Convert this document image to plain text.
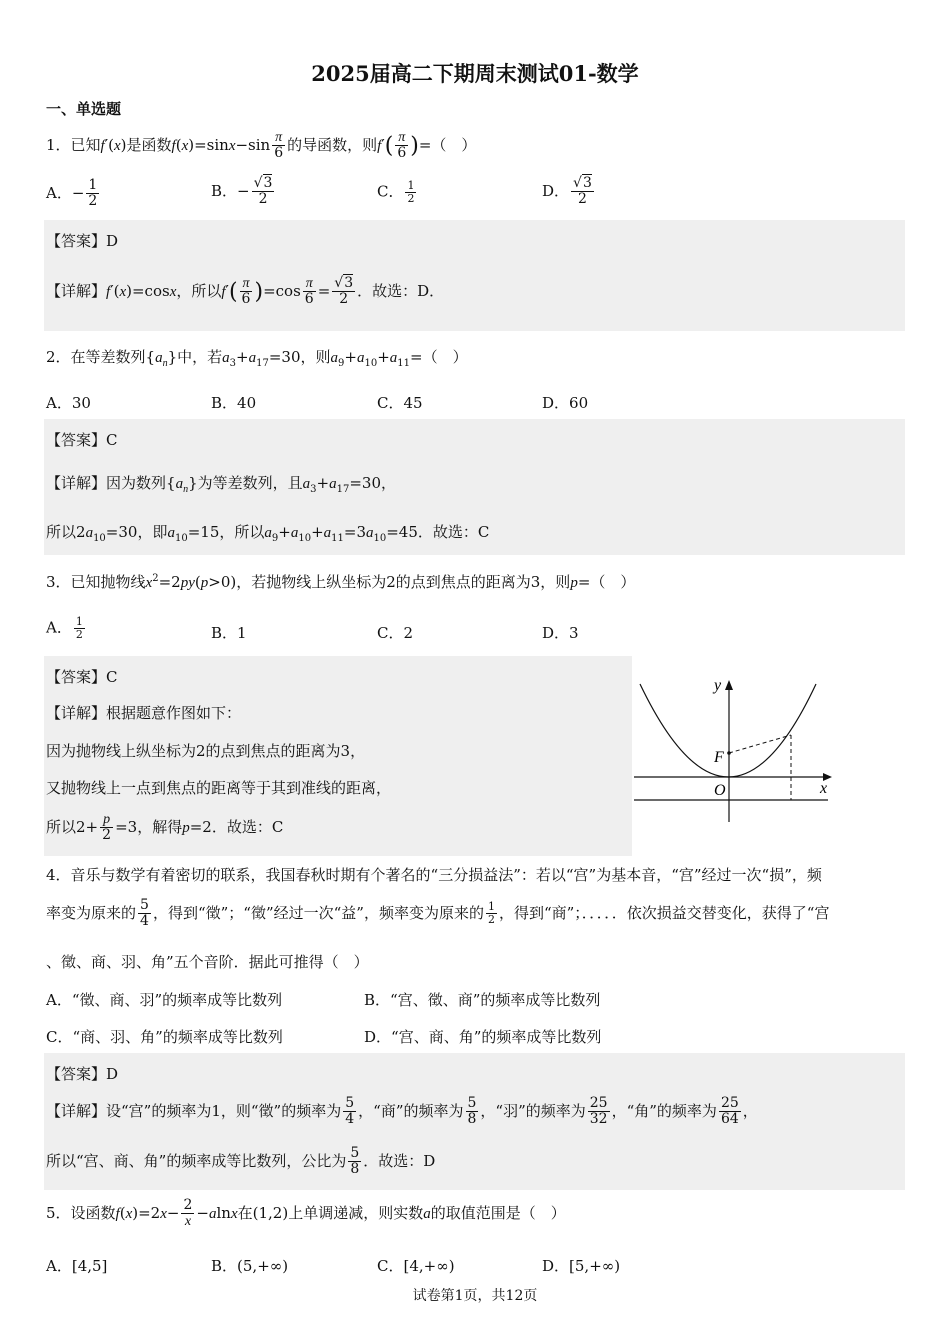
2025届高二下期周末测试01-数学
一、单选题
1．已知f′(x)是函数$f(x)=\sin x-\sin \frac{\pi}{6}$ 的导函数，则$f'( \frac{\pi}{6}$ )=（　）
A．− $\frac{1}{2}$	B．− $\frac{√3}{2}$	C． $\frac{1}{2}$	D． $\frac{√3}{2}$
【答案】D
【详解】f′(x)=cosx，所以$f'( \frac{\pi}{6} )=\cos \frac{\pi}{6} = \frac{√3}{2}$ ．故选：D．
2．在等差数列$\{a_n\}$中，若$a_3+a_{17}=30$，则$a_9+a_{10}+a_{11}=$（　）
A．30	B．40	C．45	D．60
【答案】C
【详解】因为数列$\{a_n\}$为等差数列，且$a_3+a_{17}=30$，
所以$2a_{10}=30$，即$a_{10}=15$，所以$a_9+a_{10}+a_{11}=3a_{10}=45$．故选：C
3．已知抛物线$x^2=2py(p>0)$，若抛物线上纵坐标为2的点到焦点的距离为3，则p=（　）
A． $\frac{1}{2}$	B．1	C．2	D．3
【答案】C
【详解】根据题意作图如下：
因为抛物线上纵坐标为2的点到焦点的距离为3，
又抛物线上一点到焦点的距离等于其到准线的距离，
所以$2+ \frac{p}{2} =3$，解得p=2．故选：C
y
x
F
O
4．音乐与数学有着密切的联系，我国春秋时期有个著名的“三分损益法”：若以“宫”为基本音，“宫”经过一次“损”，频
率变为原来的 $\frac{5}{4}$ ，得到“徵”；“徵”经过一次“益”，频率变为原来的 $\frac{1}{2}$ ，得到“商”；．．．．．依次损益交替变化，获得了“宫
、徵、商、羽、角”五个音阶．据此可推得（　）
A．“徵、商、羽”的频率成等比数列	B．“宫、徵、商”的频率成等比数列
C．“商、羽、角”的频率成等比数列	D．“宫、商、角”的频率成等比数列
【答案】D
【详解】设“宫”的频率为1，则“徵”的频率为 $\frac{5}{4}$ ，“商”的频率为 $\frac{5}{8}$ ，“羽”的频率为 $\frac{25}{32}$ ，“角”的频率为 $\frac{25}{64}$ ，
所以“宫、商、角”的频率成等比数列，公比为 $\frac{5}{8}$ ．故选：D
5．设函数$f(x)=2x- \frac{2}{x} -alnx$在(1,2)上单调递减，则实数a的取值范围是（　）
A．[4,5]	B．(5,+∞)	C．[4,+∞)	D．[5,+∞)
试卷第1页，共12页
